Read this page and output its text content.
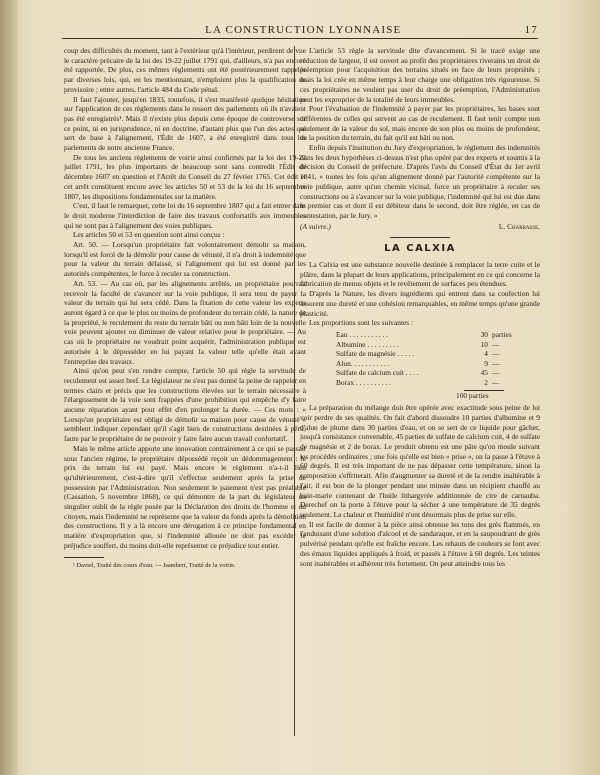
LA CONSTRUCTION LYONNAISE	17

coup des difficultés du moment, tant à l'extérieur qu'à l'intérieur, perdirent de vue le caractère précaire de la loi des 19-22 juillet 1791 qui, d'ailleurs, n'a pas encore été rapportée. De plus, ces mêmes règlements ont été postérieurement rappelés par diverses lois, qui, en les mentionnant, n'emploient plus la qualification de provisoire ; entre autres, l'article 484 du Code pénal.

Il faut l'ajouter, jusqu'en 1833, toutefois, il s'est manifesté quelque hésitation sur l'application de ces règlements dans le ressort des parlements où ils n'avaient pas été enregistrés¹. Mais il n'existe plus depuis cette époque de controverse sur ce point, ni en jurisprudence, ni en doctrine, d'autant plus que l'un des actes qui sert de base à l'alignement, l'Édit de 1607, a été enregistré dans tous les parlements de notre ancienne France.

De tous les anciens règlements de voirie ainsi confirmés par la loi des 19-22 juillet 1791, les plus importants de beaucoup sont sans contredit l'Édit de décembre 1607 en question et l'Arrêt du Conseil du 27 février 1765. Cet édit et cet arrêt constituent encore avec les articles 50 et 53 de la loi du 16 septembre 1807, les dispositions fondamentales sur la matière.

C'est, il faut le remarquer, cette loi du 16 septembre 1807 qui a fait entrer dans le droit moderne l'interdiction de faire des travaux confortatifs aux immeubles qui ne sont pas à l'alignement des voies publiques.

Les articles 50 et 53 en question sont ainsi conçus :

Art. 50. — Lorsqu'un propriétaire fait volontairement démolir sa maison, lorsqu'il est forcé de la démolir pour cause de vétusté, il n'a droit à indemnité que pour la valeur du terrain délaissé, si l'alignement qui lui est donné par les autorités compétentes, le force à reculer sa construction.

Art. 53. — Au cas où, par les alignements arrêtés, un propriétaire pourrait recevoir la faculté de s'avancer sur la voie publique, il sera tenu de payer la valeur du terrain qui lui sera cédé. Dans la fixation de cette valeur les experts auront égard à ce que le plus ou moins de profondeur du terrain cédé, la nature de la propriété, le reculement du reste du terrain bâti ou non bâti loin de la nouvelle voie peuvent ajouter ou diminuer de valeur relative pour le propriétaire. — Au cas où le propriétaire ne voudrait point acquérir, l'administration publique est autorisée à le déposséder en lui payant la valeur telle qu'elle était avant l'entreprise des travaux.

Ainsi qu'on peut s'en rendre compte, l'article 50 qui règle la servitude de reculement est assez bref. Le législateur ne s'est pas donné la peine de rappeler en termes clairs et précis que les constructions élevées sur le terrain nécessaire à l'élargissement de la voie sont frappées d'une prohibition qui empêche d'y faire aucune réparation ayant pour effet d'en prolonger la durée. — Ces mots : « Lorsqu'un propriétaire est obligé de démolir sa maison pour cause de vétusté » semblent indiquer cependant qu'il s'agit bien de constructions destinées à périr, faute par le propriétaire de ne pouvoir y faire faire aucun travail confortatif.

Mais le même article apporte une innovation contrairement à ce qui se passait sous l'ancien régime, le propriétaire dépossédé reçoit un dédommagement : le prix du terrain lui est payé. Mais encore le règlement n'a-t-il lieu qu'ultérieurement, c'est-à-dire qu'il s'effectue seulement après la prise de possession par l'Administration. Non seulement le paiement n'est pas préalable (Cassation, 5 novembre 1868), ce qui démontre de la part du législateur un singulier oubli de la règle posée par la Déclaration des droits de l'homme et du citoyen, mais l'indemnité ne représente que la valeur du fonds après la démolition des constructions. Il y a là encore une dérogation à ce principe fondamental en matière d'expropriation que, si l'indemnité allouée ne doit pas excéder le préjudice souffert, du moins doit-elle représenter ce préjudice tout entier.

¹ Daviel, Traité des cours d'eau. — Isambert, Traité de la voirie.

L'article 53 règle la servitude dite d'avancement. Si le tracé exige une réduction de largeur, il est ouvert au profit des propriétaires riverains un droit de préemption pour l'acquisition des terrains situés en face de leurs propriétés ; mais la loi crée en même temps à leur charge une obligation très rigoureuse. Si ces propriétaires ne veulent pas user du droit de préemption, l'Administration peut les exproprier de la totalité de leurs immeubles.

Pour l'évaluation de l'indemnité à payer par les propriétaires, les bases sont différentes de celles qui servent au cas de reculement. Il faut tenir compte non seulement de la valeur du sol, mais encore de son plus ou moins de profondeur, de la position du terrain, du fait qu'il est bâti ou non.

Enfin depuis l'institution du Jury d'expropriation, le règlement des indemnités dans les deux hypothèses ci-dessus n'est plus opéré par des experts et soumis à la décision du Conseil de préfecture. D'après l'avis du Conseil d'État du 1er avril 1841, « toutes les fois qu'un alignement donné par l'autorité compétente sur la voie publique, autre qu'un chemin vicinal, force un propriétaire à reculer ses constructions ou à s'avancer sur la voie publique, l'indemnité qui lui est due dans le premier cas et dont il est débiteur dans le second, doit être réglée, en cas de contestation, par le Jury. »

(A suivre.)	L. Charrasse.
LA CALXIA

La Calxia est une substance nouvelle destinée à remplacer la terre cuite et le plâtre, dans la plupart de leurs applications, principalement en ce qui concerne la fabrication de menus objets et le revêtement de surfaces peu étendues.

D'après la Nature, les divers ingrédients qui entrent dans sa confection lui assurent une dureté et une cohésion remarquables, en même temps qu'une grande plasticité.

Les proportions sont les suivantes :

Eau . . . . . . . . . . .	30	parties
Albumine . . . . . . . . .	10	—
Sulfate de magnésie . . . . .	4	—
Alun. . . . . . . . . . .	9	—
Sulfate de calcium cuit . . . .	45	—
Borax . . . . . . . . . .	2	—
100 parties

La préparation du mélange doit être opérée avec exactitude sous peine de lui voir perdre de ses qualités. On fait d'abord dissoudre 10 parties d'albumine et 9 d'alun de plume dans 30 parties d'eau, et on se sert de ce liquide pour gâcher, jusqu'à consistance convenable, 45 parties de sulfate de calcium cuit, 4 de sulfate de magnésie et 2 de borax. Le produit obtenu est une pâte qu'on moule suivant les procédés ordinaires ; une fois qu'elle est bien « prise », on la passe à l'étuve à 60 degrés. Il est très important de ne pas dépasser cette température, sinon la composition s'effriterait. Afin d'augmenter sa dureté et de la rendre inaltérable à l'air, il est bon de la plonger pendant une minute dans un récipient chauffé au bain-marie contenant de l'huile lithargyrée additionnée de cire de carnauba. Derechef on la porte à l'étuve pour la sécher à une température de 35 degrés seulement. La chaleur et l'humidité n'ont désormais plus de prise sur elle.

Il est facile de donner à la pièce ainsi obtenue les tons des grès flammés, en l'enduisant d'une solution d'alcool et de sandaraque, et en la saupoudrant de grès pulvérisé pendant qu'elle est fraîche encore. Les rehauts de couleurs se font avec des émaux liquides appliqués à froid, et passés à l'étuve à 60 degrés. Les teintes sont inaltérables et adhèrent très fortement. On peut atteindre tous les
